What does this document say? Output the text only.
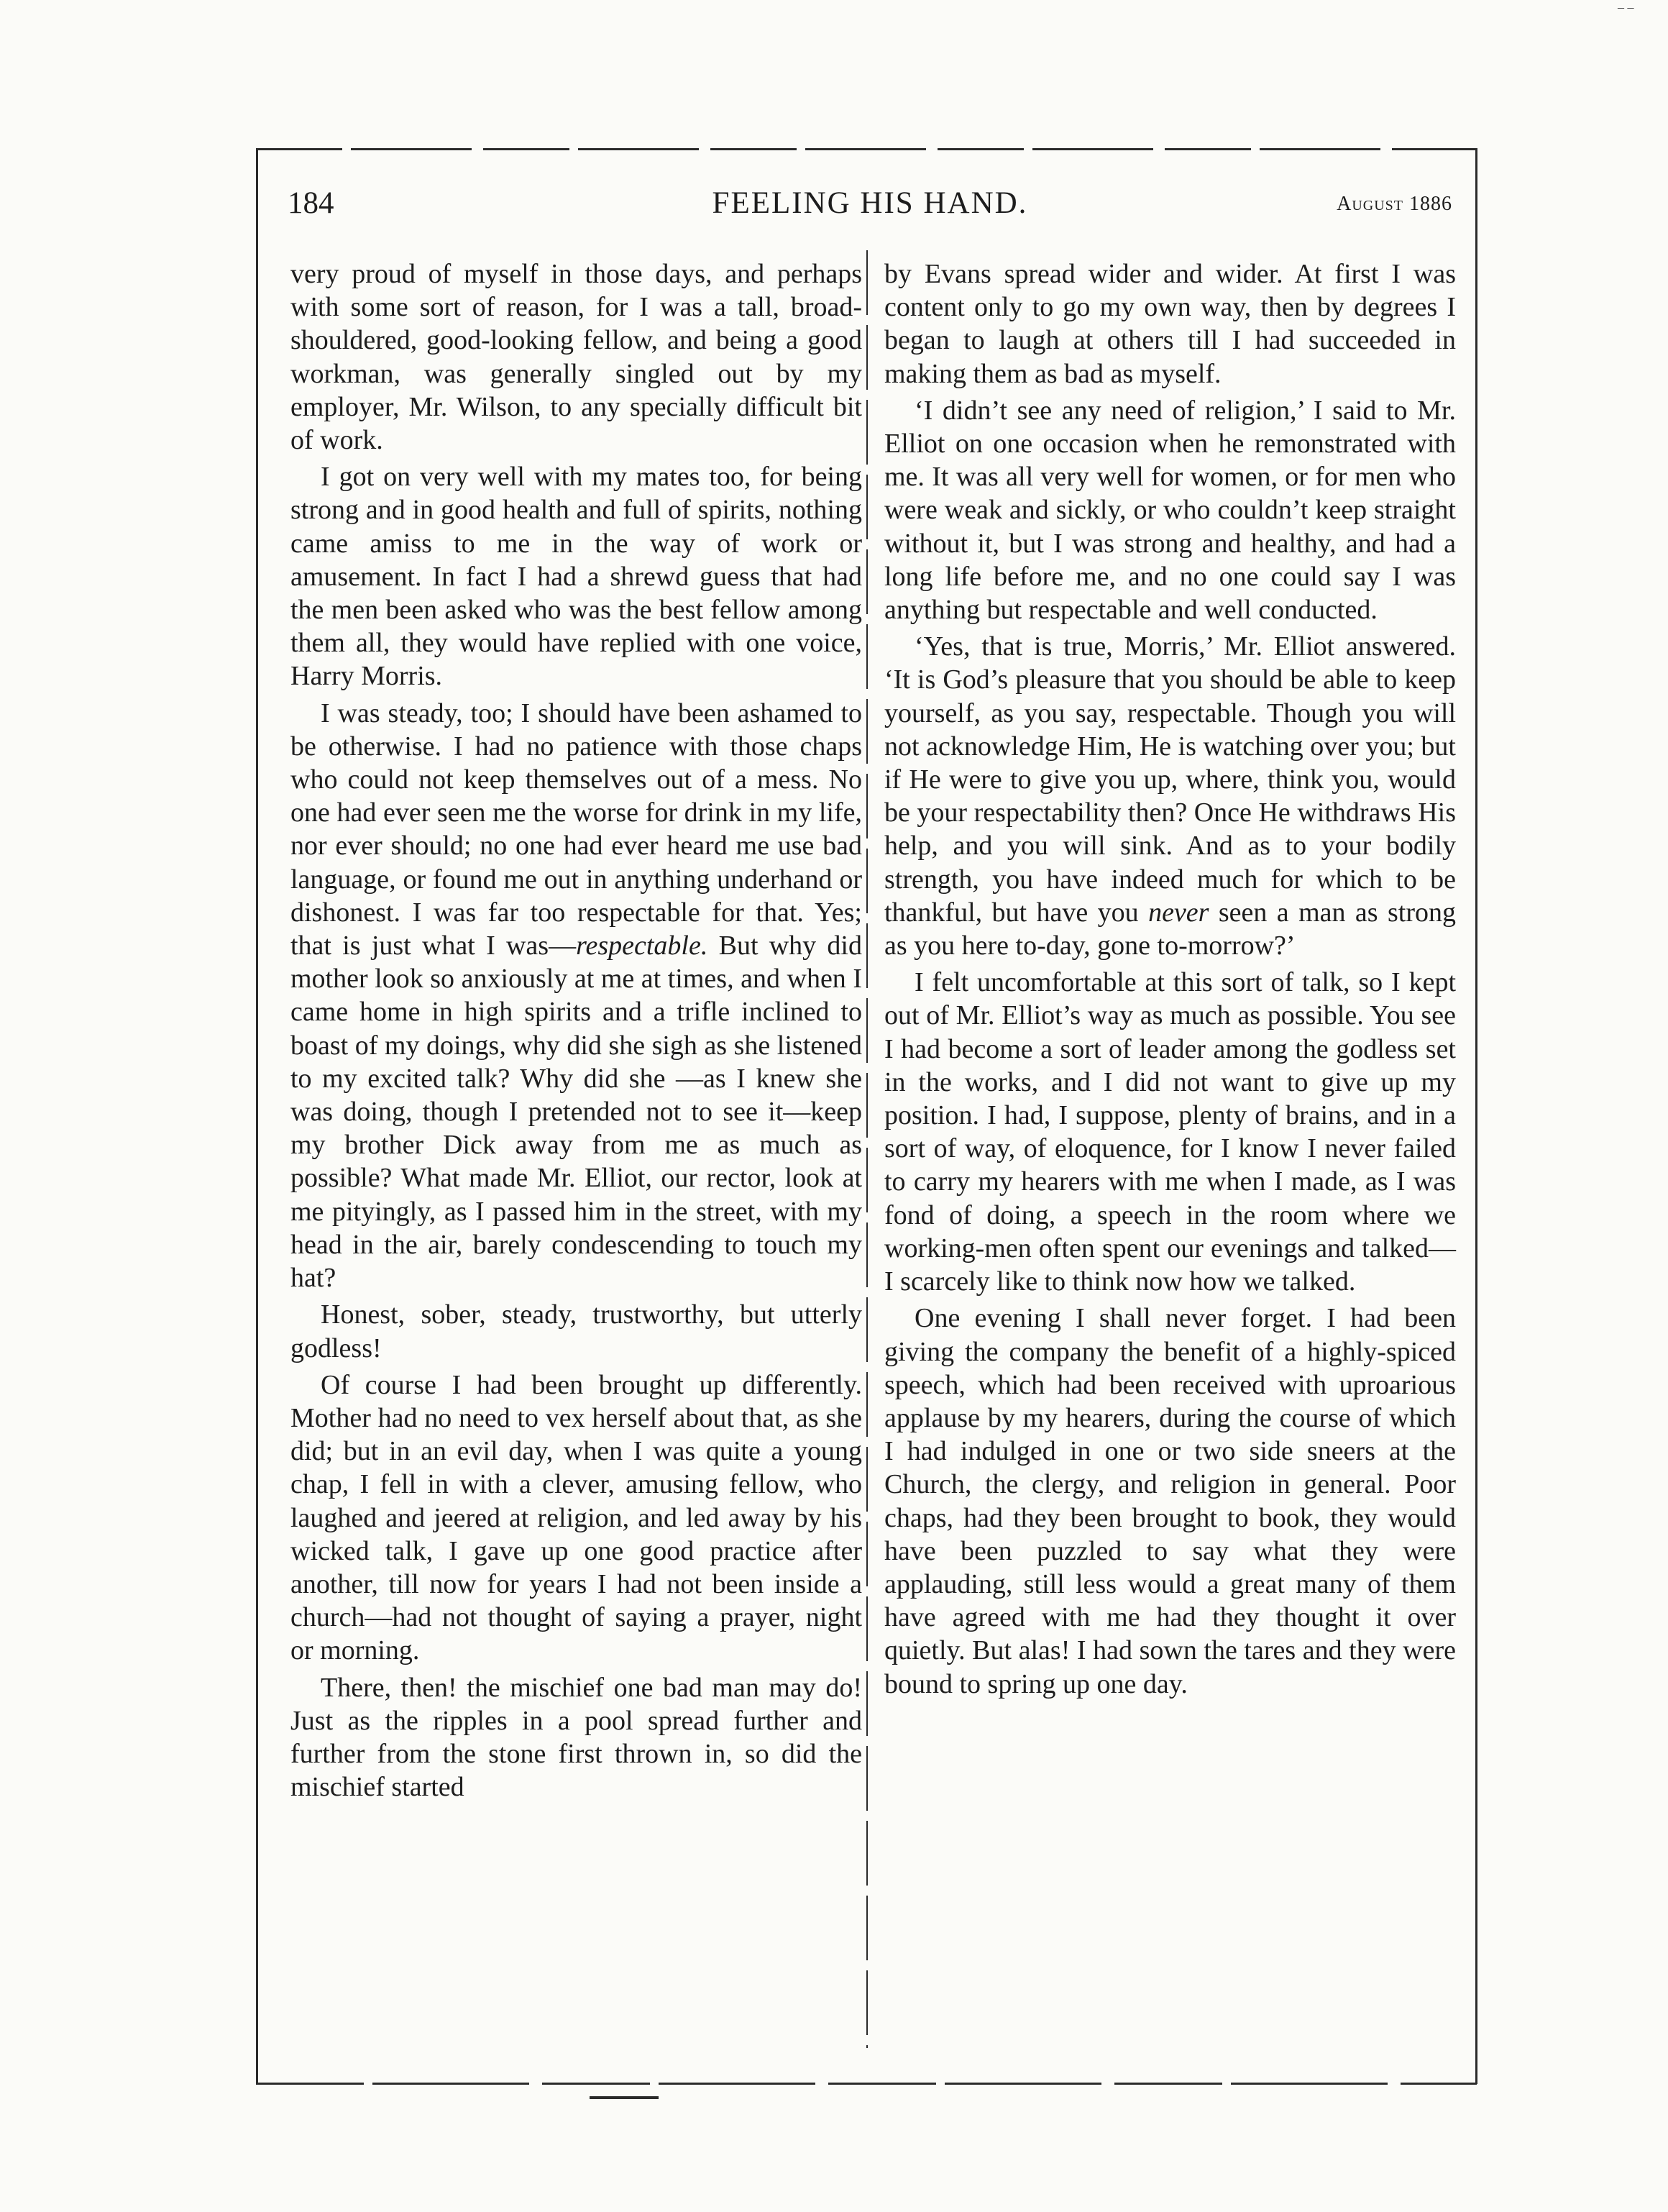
– –
184	FEELING HIS HAND.	August 1886

very proud of myself in those days, and perhaps with some sort of reason, for I was a tall, broad-shouldered, good-looking fellow, and being a good workman, was generally singled out by my employer, Mr. Wilson, to any specially difficult bit of work.

I got on very well with my mates too, for being strong and in good health and full of spirits, nothing came amiss to me in the way of work or amusement. In fact I had a shrewd guess that had the men been asked who was the best fellow among them all, they would have replied with one voice, Harry Morris.

I was steady, too; I should have been ashamed to be otherwise. I had no patience with those chaps who could not keep themselves out of a mess. No one had ever seen me the worse for drink in my life, nor ever should; no one had ever heard me use bad language, or found me out in anything underhand or dishonest. I was far too respectable for that. Yes; that is just what I was—respectable. But why did mother look so anxiously at me at times, and when I came home in high spirits and a trifle inclined to boast of my doings, why did she sigh as she listened to my excited talk? Why did she —as I knew she was doing, though I pretended not to see it—keep my brother Dick away from me as much as possible? What made Mr. Elliot, our rector, look at me pityingly, as I passed him in the street, with my head in the air, barely condescending to touch my hat?

Honest, sober, steady, trustworthy, but utterly godless!

Of course I had been brought up differently. Mother had no need to vex herself about that, as she did; but in an evil day, when I was quite a young chap, I fell in with a clever, amusing fellow, who laughed and jeered at religion, and led away by his wicked talk, I gave up one good practice after another, till now for years I had not been inside a church—had not thought of saying a prayer, night or morning.

There, then! the mischief one bad man may do! Just as the ripples in a pool spread further and further from the stone first thrown in, so did the mischief started

by Evans spread wider and wider. At first I was content only to go my own way, then by degrees I began to laugh at others till I had succeeded in making them as bad as myself.

‘I didn’t see any need of religion,’ I said to Mr. Elliot on one occasion when he remonstrated with me. It was all very well for women, or for men who were weak and sickly, or who couldn’t keep straight without it, but I was strong and healthy, and had a long life before me, and no one could say I was anything but respectable and well conducted.

‘Yes, that is true, Morris,’ Mr. Elliot answered. ‘It is God’s pleasure that you should be able to keep yourself, as you say, respectable. Though you will not acknowledge Him, He is watching over you; but if He were to give you up, where, think you, would be your respectability then? Once He withdraws His help, and you will sink. And as to your bodily strength, you have indeed much for which to be thankful, but have you never seen a man as strong as you here to-day, gone to-morrow?’

I felt uncomfortable at this sort of talk, so I kept out of Mr. Elliot’s way as much as possible. You see I had become a sort of leader among the godless set in the works, and I did not want to give up my position. I had, I suppose, plenty of brains, and in a sort of way, of eloquence, for I know I never failed to carry my hearers with me when I made, as I was fond of doing, a speech in the room where we working-men often spent our evenings and talked—I scarcely like to think now how we talked.

One evening I shall never forget. I had been giving the company the benefit of a highly-spiced speech, which had been received with uproarious applause by my hearers, during the course of which I had indulged in one or two side sneers at the Church, the clergy, and religion in general. Poor chaps, had they been brought to book, they would have been puzzled to say what they were applauding, still less would a great many of them have agreed with me had they thought it over quietly. But alas! I had sown the tares and they were bound to spring up one day.
